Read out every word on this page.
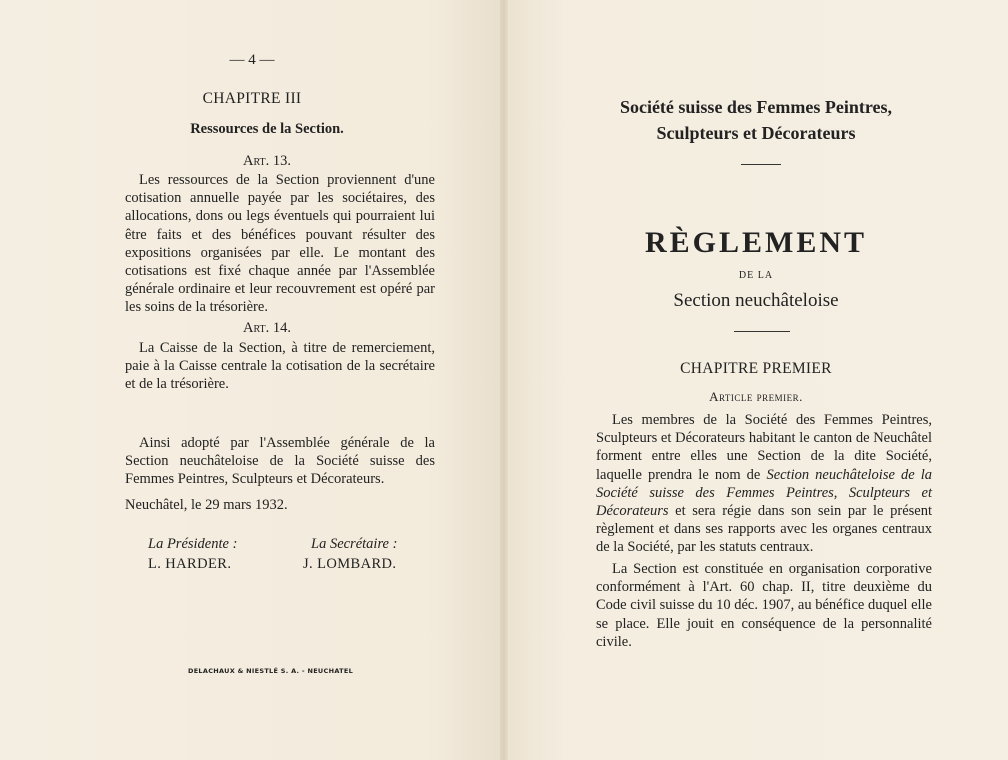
— 4 —
CHAPITRE III
Ressources de la Section.
Art. 13.

Les ressources de la Section proviennent d'une cotisation annuelle payée par les sociétaires, des allocations, dons ou legs éventuels qui pourraient lui être faits et des bénéfices pouvant résulter des expositions organisées par elle. Le montant des cotisations est fixé chaque année par l'Assemblée générale ordinaire et leur recouvrement est opéré par les soins de la trésorière.

Art. 14.

La Caisse de la Section, à titre de remerciement, paie à la Caisse centrale la cotisation de la secrétaire et de la trésorière.

Ainsi adopté par l'Assemblée générale de la Section neuchâteloise de la Société suisse des Femmes Peintres, Sculpteurs et Décorateurs.

Neuchâtel, le 29 mars 1932.
La Présidente :
L. HARDER.
La Secrétaire :
J. LOMBARD.
DELACHAUX & NIESTLÉ S. A. - NEUCHATEL
Société suisse des Femmes Peintres,
Sculpteurs et Décorateurs
RÈGLEMENT
DE LA
Section neuchâteloise
CHAPITRE PREMIER
Article premier.

Les membres de la Société des Femmes Peintres, Sculpteurs et Décorateurs habitant le canton de Neuchâtel forment entre elles une Section de la dite Société, laquelle prendra le nom de Section neuchâteloise de la Société suisse des Femmes Peintres, Sculpteurs et Décorateurs et sera régie dans son sein par le présent règlement et dans ses rapports avec les organes centraux de la Société, par les statuts centraux.

La Section est constituée en organisation corporative conformément à l'Art. 60 chap. II, titre deuxième du Code civil suisse du 10 déc. 1907, au bénéfice duquel elle se place. Elle jouit en conséquence de la personnalité civile.
